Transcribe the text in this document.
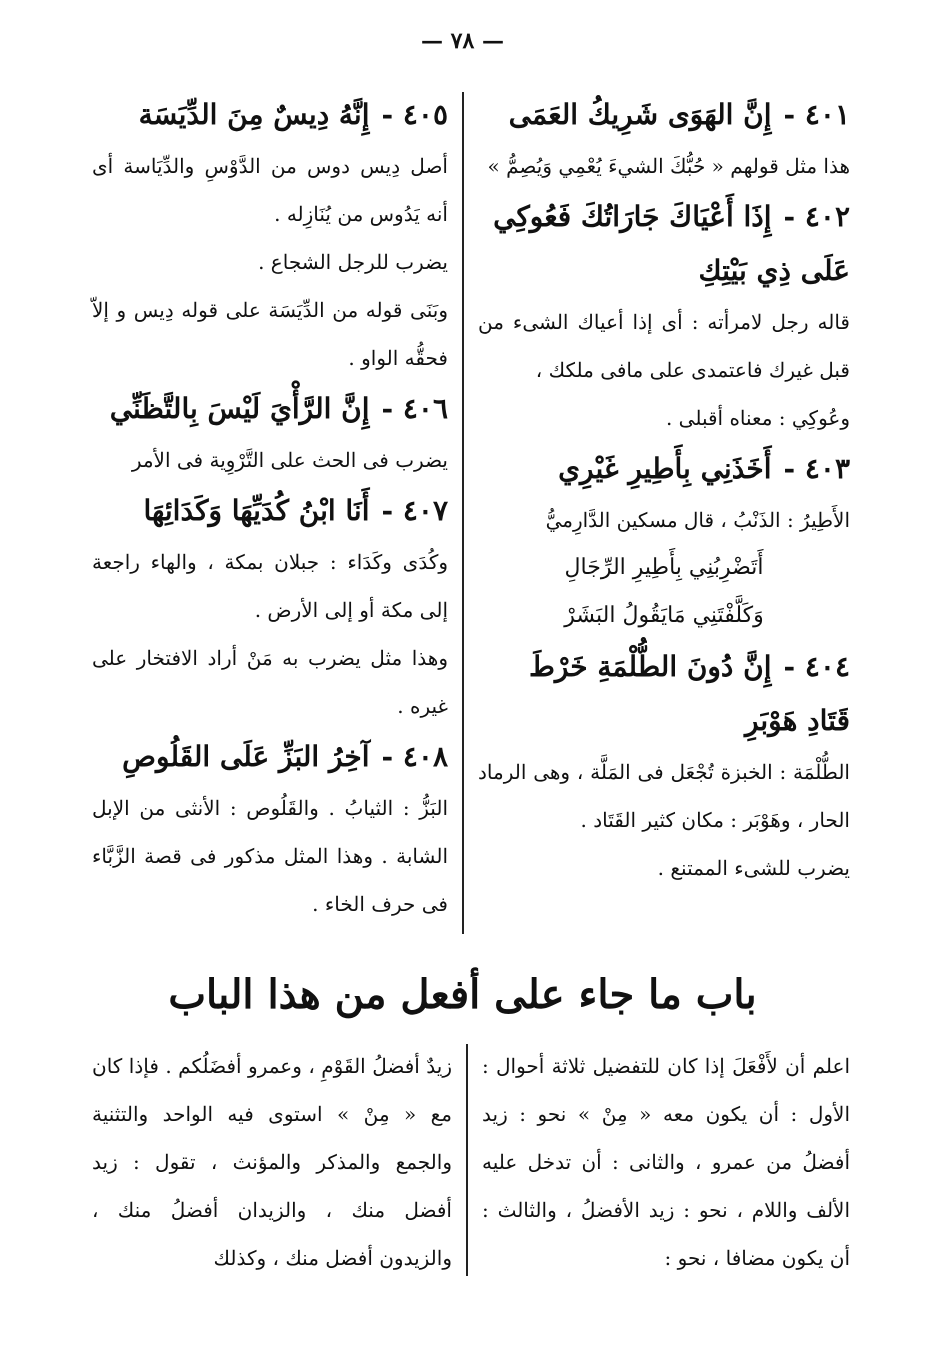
— ٧٨ —
٤٠١ -إِنَّ الهَوَى شَرِيكُ العَمَى

هذا مثل قولهم « حُبُّكَ الشيءَ يُعْمِي وَيُصِمُّ »

٤٠٢ -إِذَا أَعْيَاكَ جَارَاتُكَ فَعُوكِي عَلَى ذِي بَيْتِكِ

قاله رجل لامرأته : أى إذا أعياك الشىء من قبل غيرك فاعتمدى على مافى ملكك ،

وعُوكِي : معناه أقبلى .

٤٠٣ -أَخَذَنِي بِأَطِيرِ غَيْرِي

الأَطِيرُ : الذَنْبُ ، قال مسكين الدَّارِميُّ

أَتَضْرِبُنِي بِأَطِيرِ الرِّجَالِ

وَكَلَّفْتَنِي مَايَقُولُ البَشَرْ

٤٠٤ -إِنَّ دُونَ الطُّلْمَةِ خَرْطَ قَتَادِ هَوْبَرِ

الطُّلْمَة : الخبزة تُجْعَل فى المَلَّة ، وهى الرماد الحار ، وهَوْبَر : مكان كثير القَتَاد .

يضرب للشىء الممتنع .

٤٠٥ -إِنَّهُ دِيسٌ مِنَ الدِّيَسَة

أصل دِيس دوس من الدَّوْسِ والدِّيَاسة أى أنه يَدُوس من يُنَازِله .

يضرب للرجل الشجاع .

وبَنَى قوله من الدِّيَسَة على قوله دِيس و إلاّ فحقُّه الواو .

٤٠٦ -إِنَّ الرَّأْيَ لَيْسَ بِالتَّظَنِّي

يضرب فى الحث على التَّرْوِية فى الأمر

٤٠٧ -أَنَا ابْنُ كُدَيِّهَا وَكَدَائِهَا

وكُدَى وكَدَاء : جبلان بمكة ، والهاء راجعة إلى مكة أو إلى الأرض .

وهذا مثل يضرب به مَنْ أراد الافتخار على غيره .

٤٠٨ -آخِرُ البَزِّ عَلَى القَلُوصِ

البَزُّ : الثيابُ . والقَلُوص : الأنثى من الإبل الشابة . وهذا المثل مذكور فى قصة الزَّبَّاء فى حرف الخاء .

باب ما جاء على أفعل من هذا الباب

اعلم أن لأَفْعَلَ إذا كان للتفضيل ثلاثة أحوال : الأول : أن يكون معه « مِنْ » نحو : زيد أفضلُ من عمرو ، والثانى : أن تدخل عليه الألف واللام ، نحو : زيد الأفضلُ ، والثالث : أن يكون مضافا ، نحو :

زيدٌ أفضلُ القَوْمِ ، وعمرو أفضَلُكم . فإذا كان مع « مِنْ » استوى فيه الواحد والتثنية والجمع والمذكر والمؤنث ، تقول : زيد أفضل منك ، والزيدان أفضلُ منك ، والزيدون أفضل منك ، وكذلك
